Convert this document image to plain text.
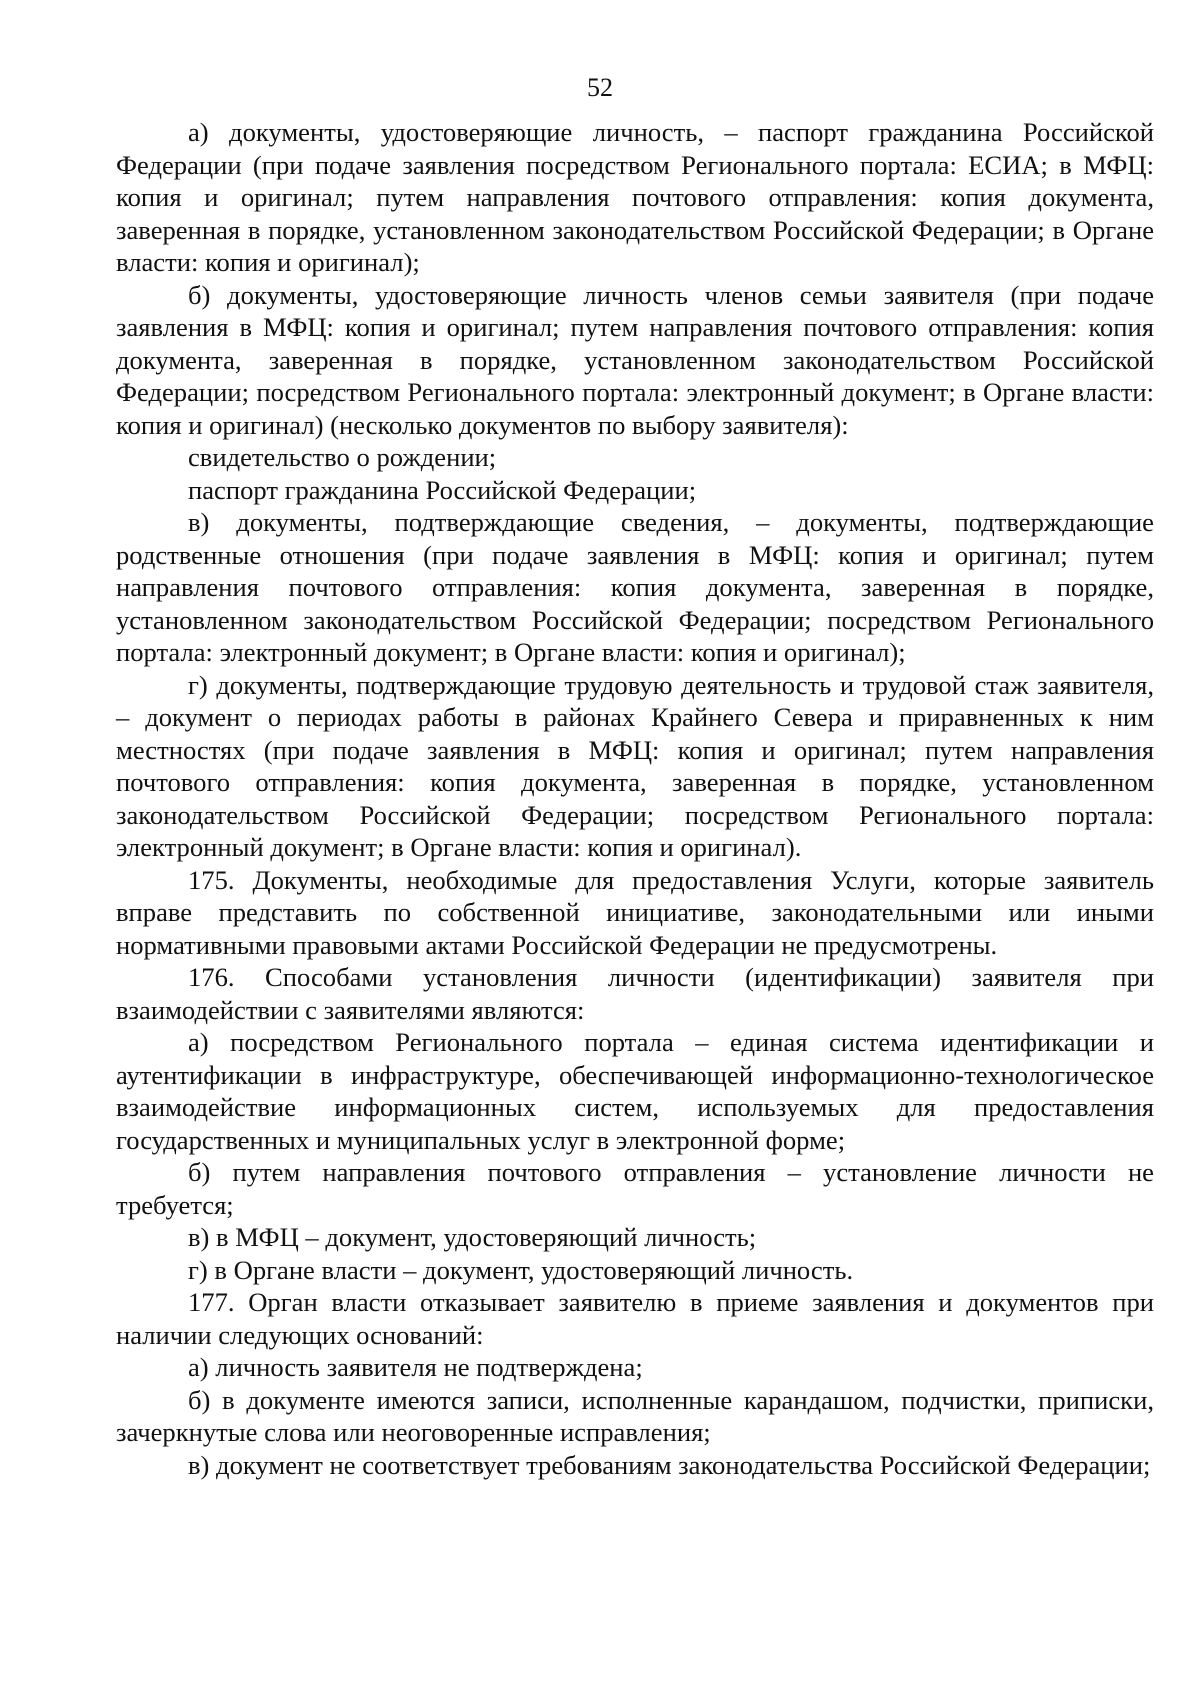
52

а) документы, удостоверяющие личность, – паспорт гражданина Российской Федерации (при подаче заявления посредством Регионального портала: ЕСИА; в МФЦ: копия и оригинал; путем направления почтового отправления: копия документа, заверенная в порядке, установленном законодательством Российской Федерации; в Органе власти: копия и оригинал);

б) документы, удостоверяющие личность членов семьи заявителя (при подаче заявления в МФЦ: копия и оригинал; путем направления почтового отправления: копия документа, заверенная в порядке, установленном законодательством Российской Федерации; посредством Регионального портала: электронный документ; в Органе власти: копия и оригинал) (несколько документов по выбору заявителя):

свидетельство о рождении;

паспорт гражданина Российской Федерации;

в) документы, подтверждающие сведения, – документы, подтверждающие родственные отношения (при подаче заявления в МФЦ: копия и оригинал; путем направления почтового отправления: копия документа, заверенная в порядке, установленном законодательством Российской Федерации; посредством Регионального портала: электронный документ; в Органе власти: копия и оригинал);

г) документы, подтверждающие трудовую деятельность и трудовой стаж заявителя, – документ о периодах работы в районах Крайнего Севера и приравненных к ним местностях (при подаче заявления в МФЦ: копия и оригинал; путем направления почтового отправления: копия документа, заверенная в порядке, установленном законодательством Российской Федерации; посредством Регионального портала: электронный документ; в Органе власти: копия и оригинал).

175. Документы, необходимые для предоставления Услуги, которые заявитель вправе представить по собственной инициативе, законодательными или иными нормативными правовыми актами Российской Федерации не предусмотрены.

176. Способами установления личности (идентификации) заявителя при взаимодействии с заявителями являются:

а) посредством Регионального портала – единая система идентификации и аутентификации в инфраструктуре, обеспечивающей информационно-технологическое взаимодействие информационных систем, используемых для предоставления государственных и муниципальных услуг в электронной форме;

б) путем направления почтового отправления – установление личности не требуется;

в) в МФЦ – документ, удостоверяющий личность;

г) в Органе власти – документ, удостоверяющий личность.

177. Орган власти отказывает заявителю в приеме заявления и документов при наличии следующих оснований:

а) личность заявителя не подтверждена;

б) в документе имеются записи, исполненные карандашом, подчистки, приписки, зачеркнутые слова или неоговоренные исправления;

в) документ не соответствует требованиям законодательства Российской Федерации;
